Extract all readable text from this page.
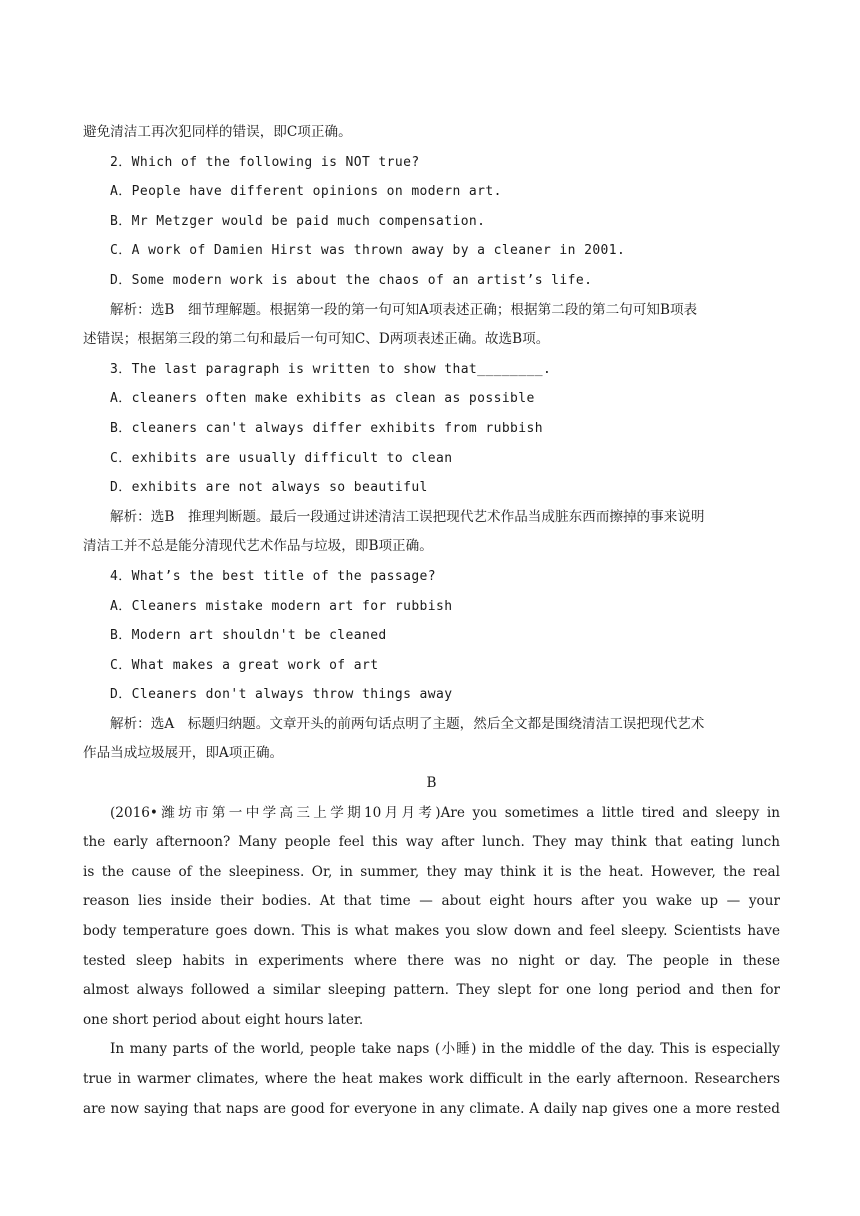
避免清洁工再次犯同样的错误，即C项正确。
2．Which of the following is NOT true?
A．People have different opinions on modern art.
B．Mr Metzger would be paid much compensation.
C．A work of Damien Hirst was thrown away by a cleaner in 2001.
D．Some modern work is about the chaos of an artist’s life.
解析：选B　细节理解题。根据第一段的第一句可知A项表述正确；根据第二段的第二句可知B项表
述错误；根据第三段的第二句和最后一句可知C、D两项表述正确。故选B项。
3．The last paragraph is written to show that________.
A．cleaners often make exhibits as clean as possible
B．cleaners can't always differ exhibits from rubbish
C．exhibits are usually difficult to clean
D．exhibits are not always so beautiful
解析：选B　推理判断题。最后一段通过讲述清洁工误把现代艺术作品当成脏东西而擦掉的事来说明
清洁工并不总是能分清现代艺术作品与垃圾，即B项正确。
4．What’s the best title of the passage?
A．Cleaners mistake modern art for rubbish
B．Modern art shouldn't be cleaned
C．What makes a great work of art
D．Cleaners don't always throw things away
解析：选A　标题归纳题。文章开头的前两句话点明了主题，然后全文都是围绕清洁工误把现代艺术
作品当成垃圾展开，即A项正确。
B
(2016•潍坊市第一中学高三上学期10月月考)Are you sometimes a little tired and sleepy in
the early afternoon? Many people feel this way after lunch. They may think that eating lunch
is the cause of the sleepiness. Or, in summer, they may think it is the heat. However, the real
reason lies inside their bodies. At that time — about eight hours after you wake up — your
body temperature goes down. This is what makes you slow down and feel sleepy. Scientists have
tested sleep habits in experiments where there was no night or day. The people in these
almost always followed a similar sleeping pattern. They slept for one long period and then for
one short period about eight hours later.
In many parts of the world, people take naps (小睡) in the middle of the day. This is especially
true in warmer climates, where the heat makes work difficult in the early afternoon. Researchers
are now saying that naps are good for everyone in any climate. A daily nap gives one a more rested
